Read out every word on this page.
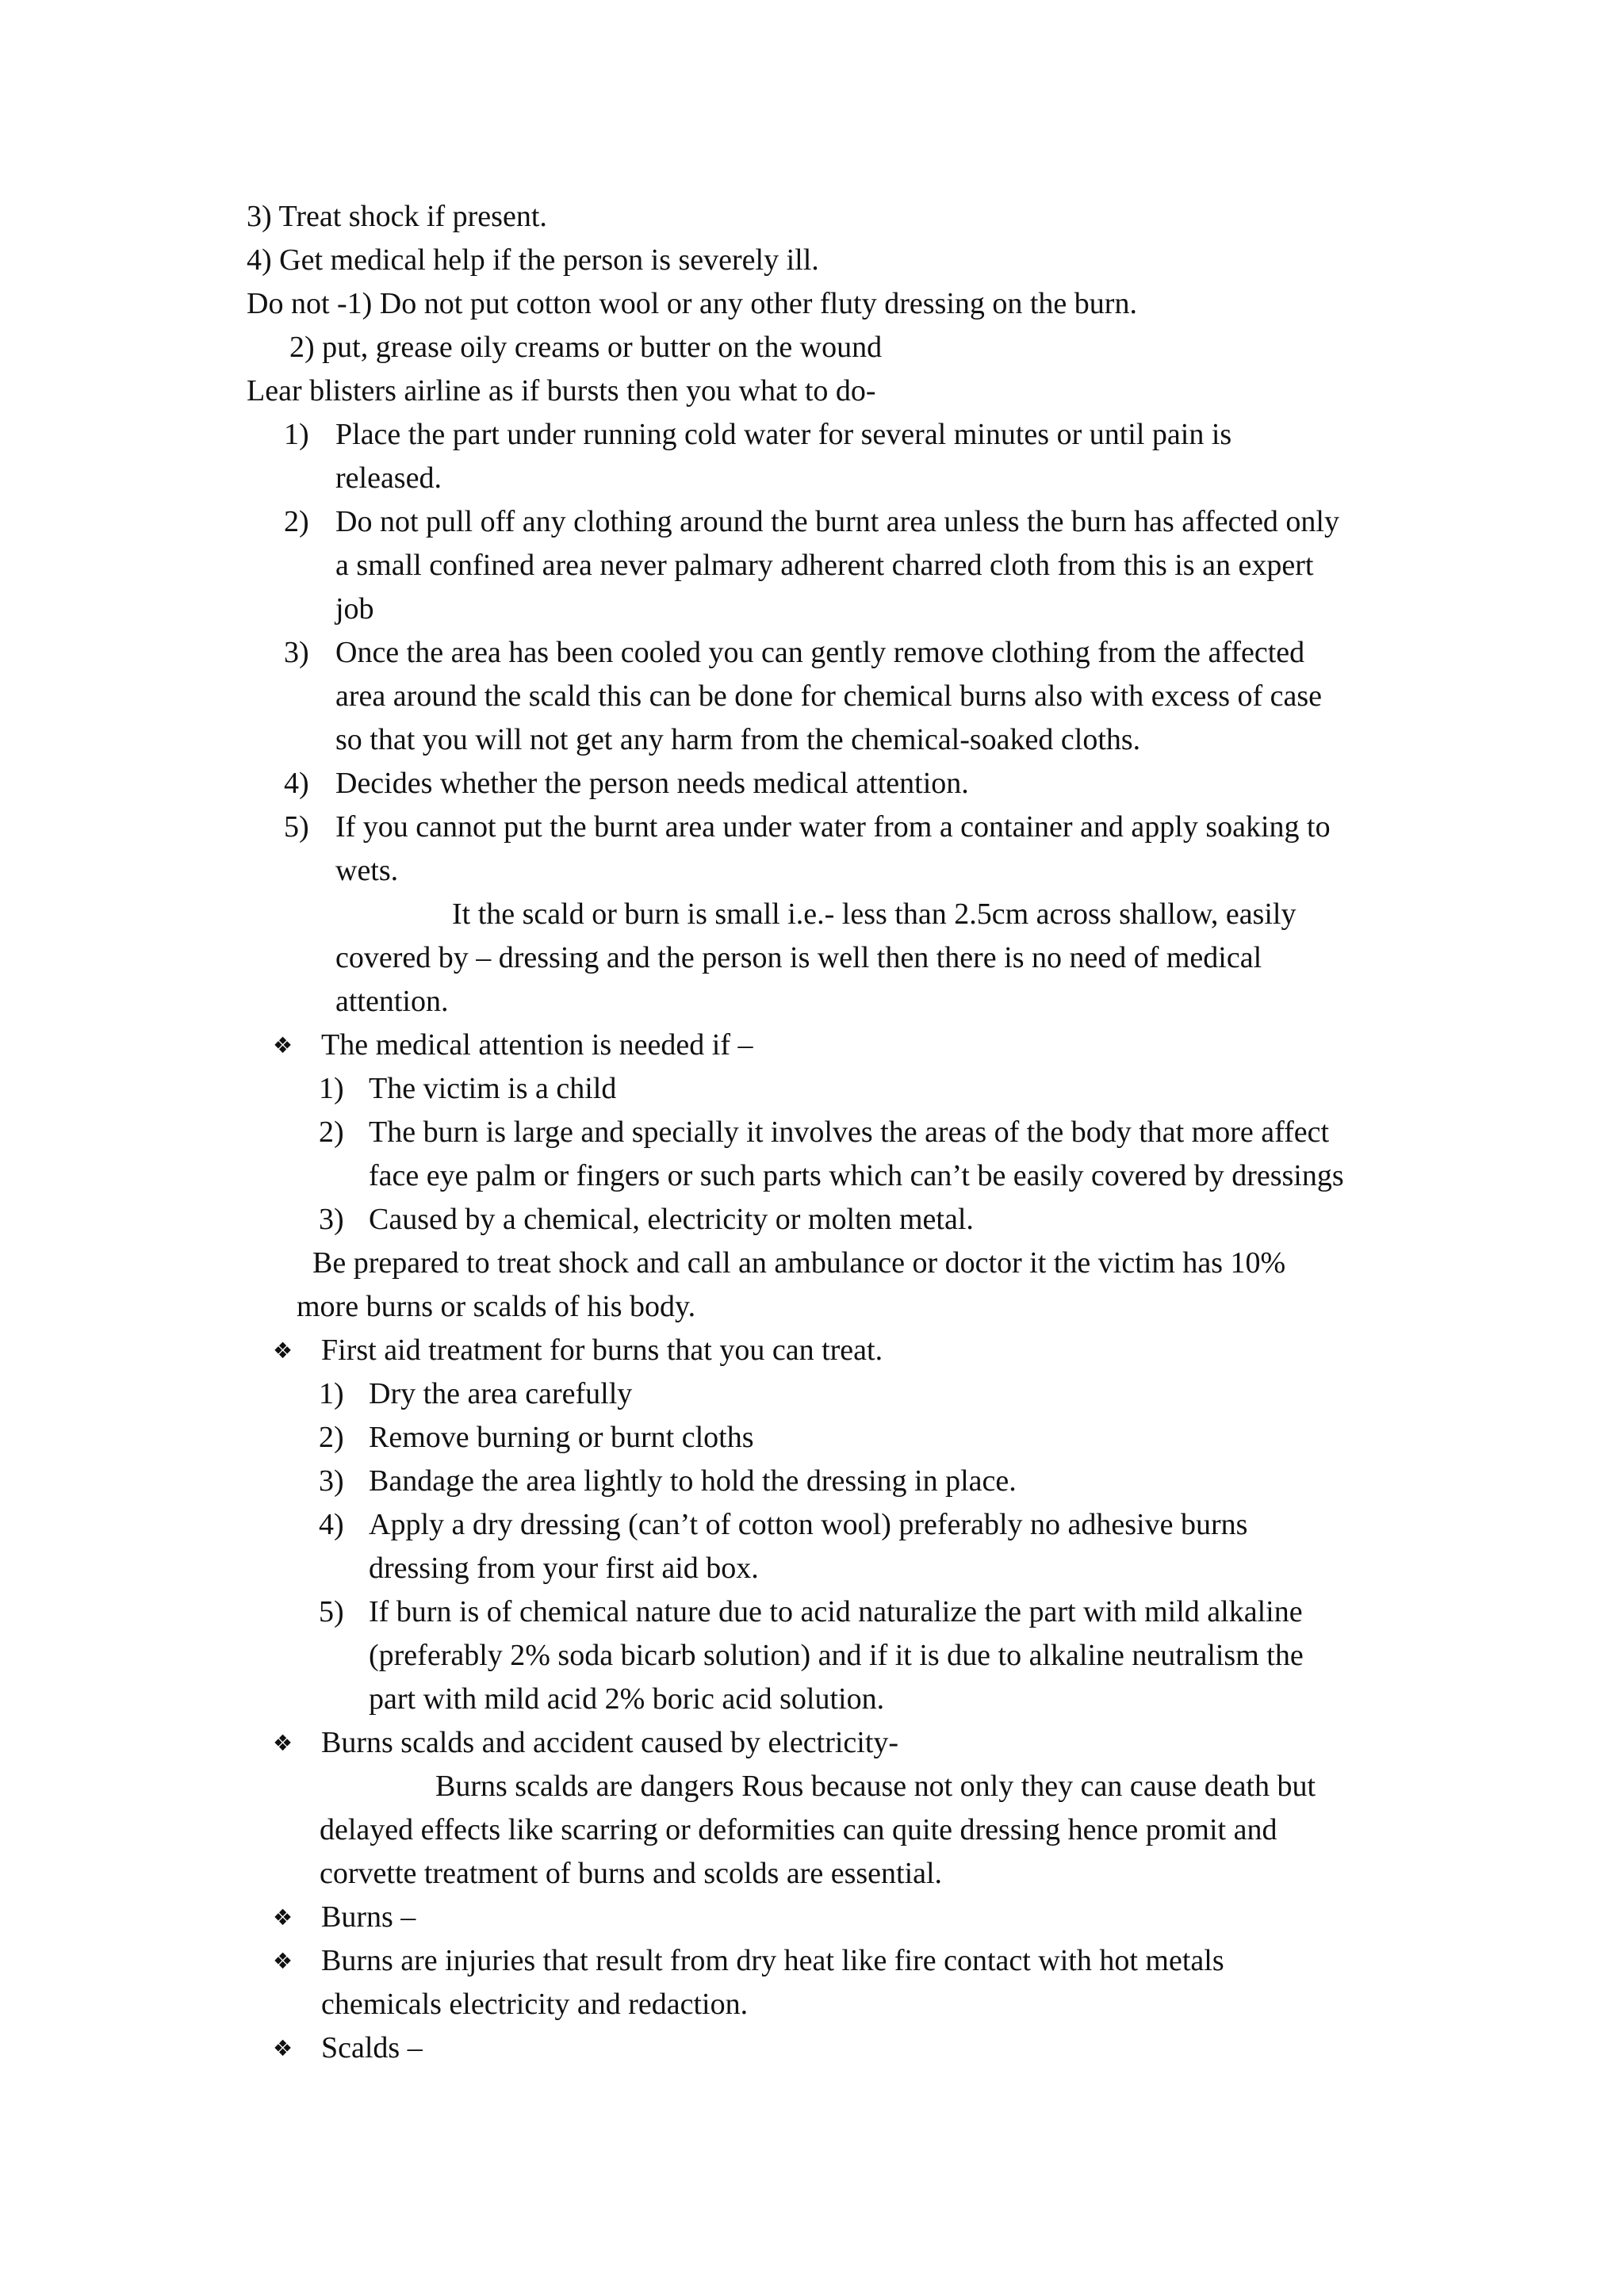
3) Treat shock if present.
4) Get medical help if the person is severely ill.
Do not -1) Do not put cotton wool or any other fluty dressing on the burn.
2) put, grease oily creams or butter on the wound
Lear blisters airline as if bursts then you what to do-
1) Place the part under running cold water for several minutes or until pain is
released.
2) Do not pull off any clothing around the burnt area unless the burn has affected only
a small confined area never palmary adherent charred cloth from this is an expert
job
3) Once the area has been cooled you can gently remove clothing from the affected
area around the scald this can be done for chemical burns also with excess of case
so that you will not get any harm from the chemical-soaked cloths.
4) Decides whether the person needs medical attention.
5) If you cannot put the burnt area under water from a container and apply soaking to
wets.
It the scald or burn is small i.e.- less than 2.5cm across shallow, easily
covered by – dressing and the person is well then there is no need of medical
attention.
❖ The medical attention is needed if –
1) The victim is a child
2) The burn is large and specially it involves the areas of the body that more affect
face eye palm or fingers or such parts which can’t be easily covered by dressings
3) Caused by a chemical, electricity or molten metal.
Be prepared to treat shock and call an ambulance or doctor it the victim has 10%
more burns or scalds of his body.
❖ First aid treatment for burns that you can treat.
1) Dry the area carefully
2) Remove burning or burnt cloths
3) Bandage the area lightly to hold the dressing in place.
4) Apply a dry dressing (can’t of cotton wool) preferably no adhesive burns
dressing from your first aid box.
5) If burn is of chemical nature due to acid naturalize the part with mild alkaline
(preferably 2% soda bicarb solution) and if it is due to alkaline neutralism the
part with mild acid 2% boric acid solution.
❖ Burns scalds and accident caused by electricity-
Burns scalds are dangers Rous because not only they can cause death but
delayed effects like scarring or deformities can quite dressing hence promit and
corvette treatment of burns and scolds are essential.
❖ Burns –
❖ Burns are injuries that result from dry heat like fire contact with hot metals
chemicals electricity and redaction.
❖ Scalds –
